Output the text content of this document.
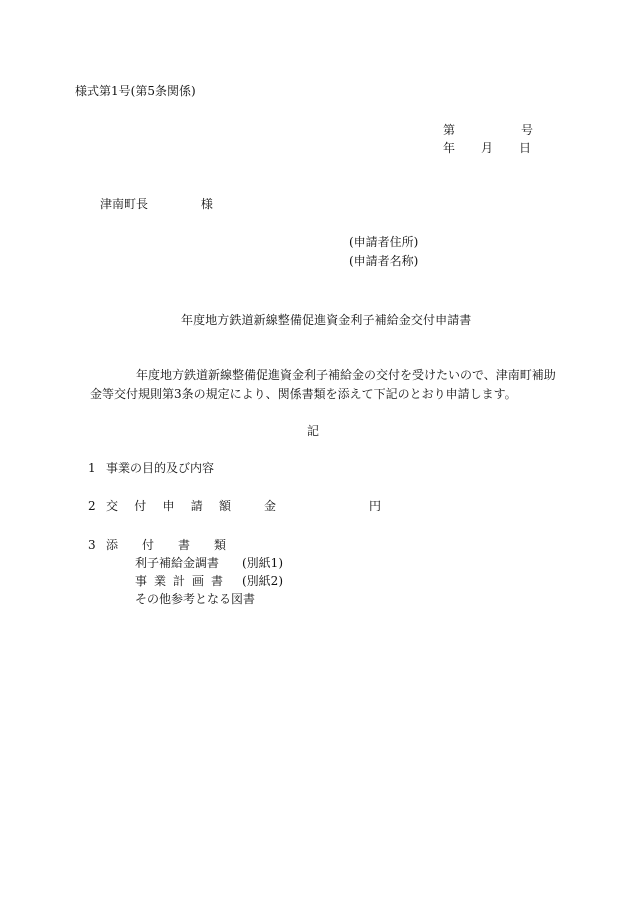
様式第1号(第5条関係)
第	号
年	月	日
津南町長	様
(申請者住所)
(申請者名称)
年度地方鉄道新線整備促進資金利子補給金交付申請書
年度地方鉄道新線整備促進資金利子補給金の交付を受けたいので、津南町補助金等交付規則第3条の規定により、関係書類を添えて下記のとおり申請します。
記
1 事業の目的及び内容
2 交 付 申 請 額	金	円
3 添 付 書 類
利子補給金調書	(別紙1)
事 業 計 画 書 (別紙2)
その他参考となる図書
